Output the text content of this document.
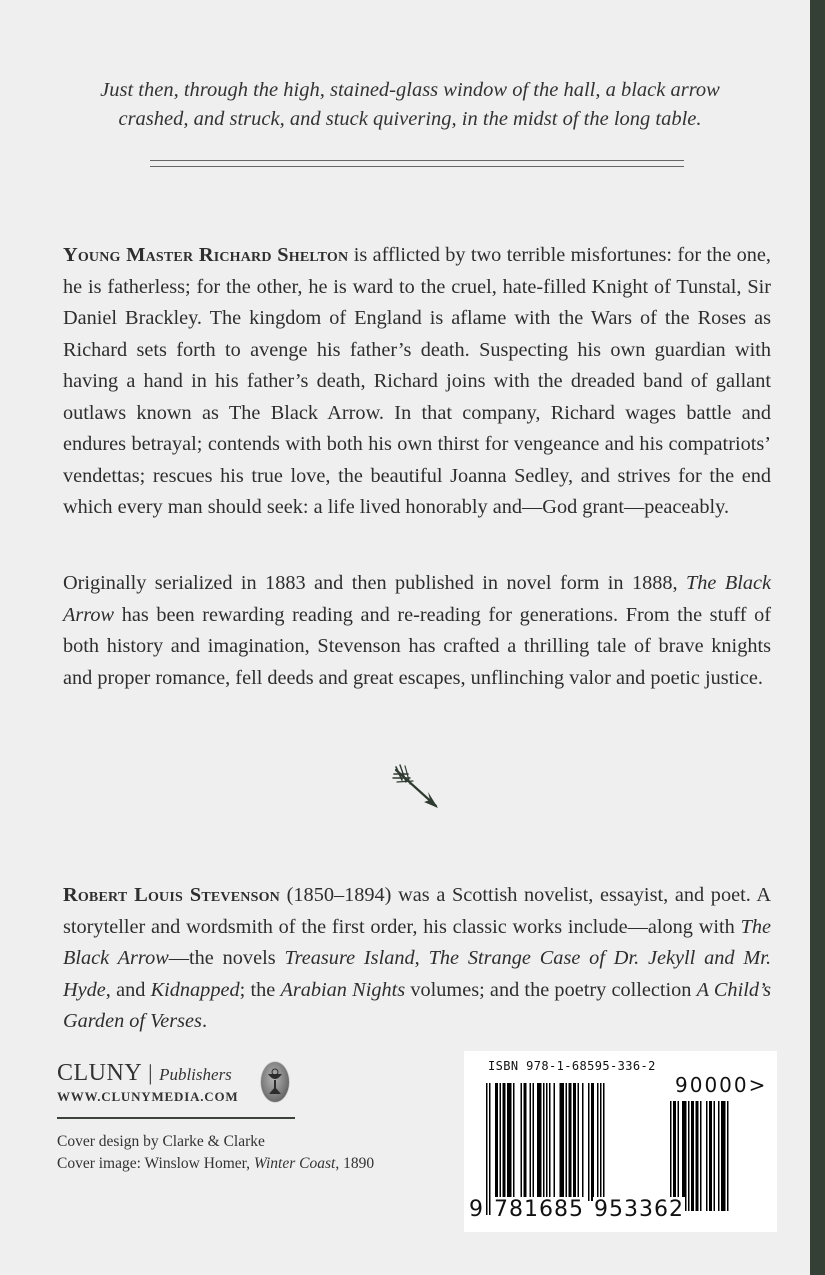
Just then, through the high, stained-glass window of the hall, a black arrow
crashed, and struck, and stuck quivering, in the midst of the long table.
Young Master Richard Shelton is afflicted by two terrible misfortunes: for the one, he is fatherless; for the other, he is ward to the cruel, hate-filled Knight of Tunstal, Sir Daniel Brackley. The kingdom of England is aflame with the Wars of the Roses as Richard sets forth to avenge his father’s death. Suspecting his own guardian with having a hand in his father’s death, Richard joins with the dreaded band of gallant outlaws known as The Black Arrow. In that company, Richard wages battle and endures betrayal; contends with both his own thirst for vengeance and his compatriots’ vendettas; rescues his true love, the beautiful Joanna Sedley, and strives for the end which every man should seek: a life lived honorably and—God grant—peaceably.
Originally serialized in 1883 and then published in novel form in 1888, The Black Arrow has been rewarding reading and re-reading for generations. From the stuff of both history and imagination, Stevenson has crafted a thrilling tale of brave knights and proper romance, fell deeds and great escapes, unflinching valor and poetic justice.
Robert Louis Stevenson (1850–1894) was a Scottish novelist, essayist, and poet. A storyteller and wordsmith of the first order, his classic works include—along with The Black Arrow—the novels Treasure Island, The Strange Case of Dr. Jekyll and Mr. Hyde, and Kidnapped; the Arabian Nights volumes; and the poetry collection A Child’s Garden of Verses.
CLUNY | Publishers
WWW.CLUNYMEDIA.COM
Cover design by Clarke & Clarke
Cover image: Winslow Homer, Winter Coast, 1890
ISBN 978-1-68595-336-2
90000>
9 781685 953362
